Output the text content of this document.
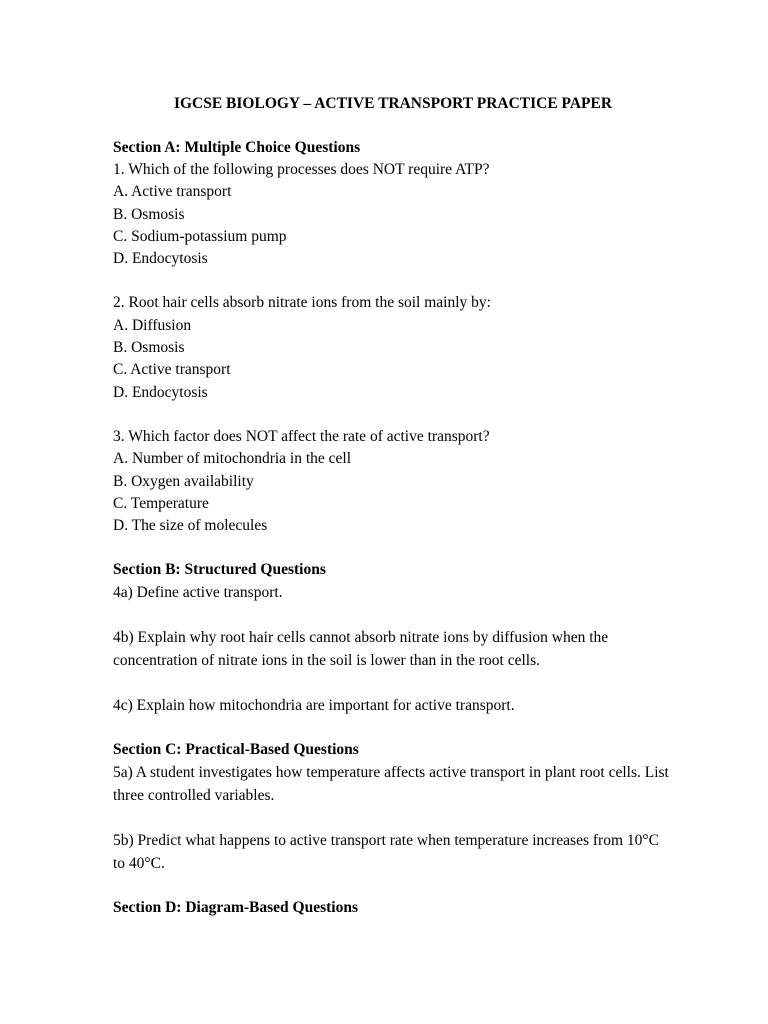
IGCSE BIOLOGY – ACTIVE TRANSPORT PRACTICE PAPER

Section A: Multiple Choice Questions

1. Which of the following processes does NOT require ATP?

A. Active transport

B. Osmosis

C. Sodium-potassium pump

D. Endocytosis

2. Root hair cells absorb nitrate ions from the soil mainly by:

A. Diffusion

B. Osmosis

C. Active transport

D. Endocytosis

3. Which factor does NOT affect the rate of active transport?

A. Number of mitochondria in the cell

B. Oxygen availability

C. Temperature

D. The size of molecules

Section B: Structured Questions

4a) Define active transport.

4b) Explain why root hair cells cannot absorb nitrate ions by diffusion when the concentration of nitrate ions in the soil is lower than in the root cells.

4c) Explain how mitochondria are important for active transport.

Section C: Practical-Based Questions

5a) A student investigates how temperature affects active transport in plant root cells. List three controlled variables.

5b) Predict what happens to active transport rate when temperature increases from 10°C to 40°C.

Section D: Diagram-Based Questions
